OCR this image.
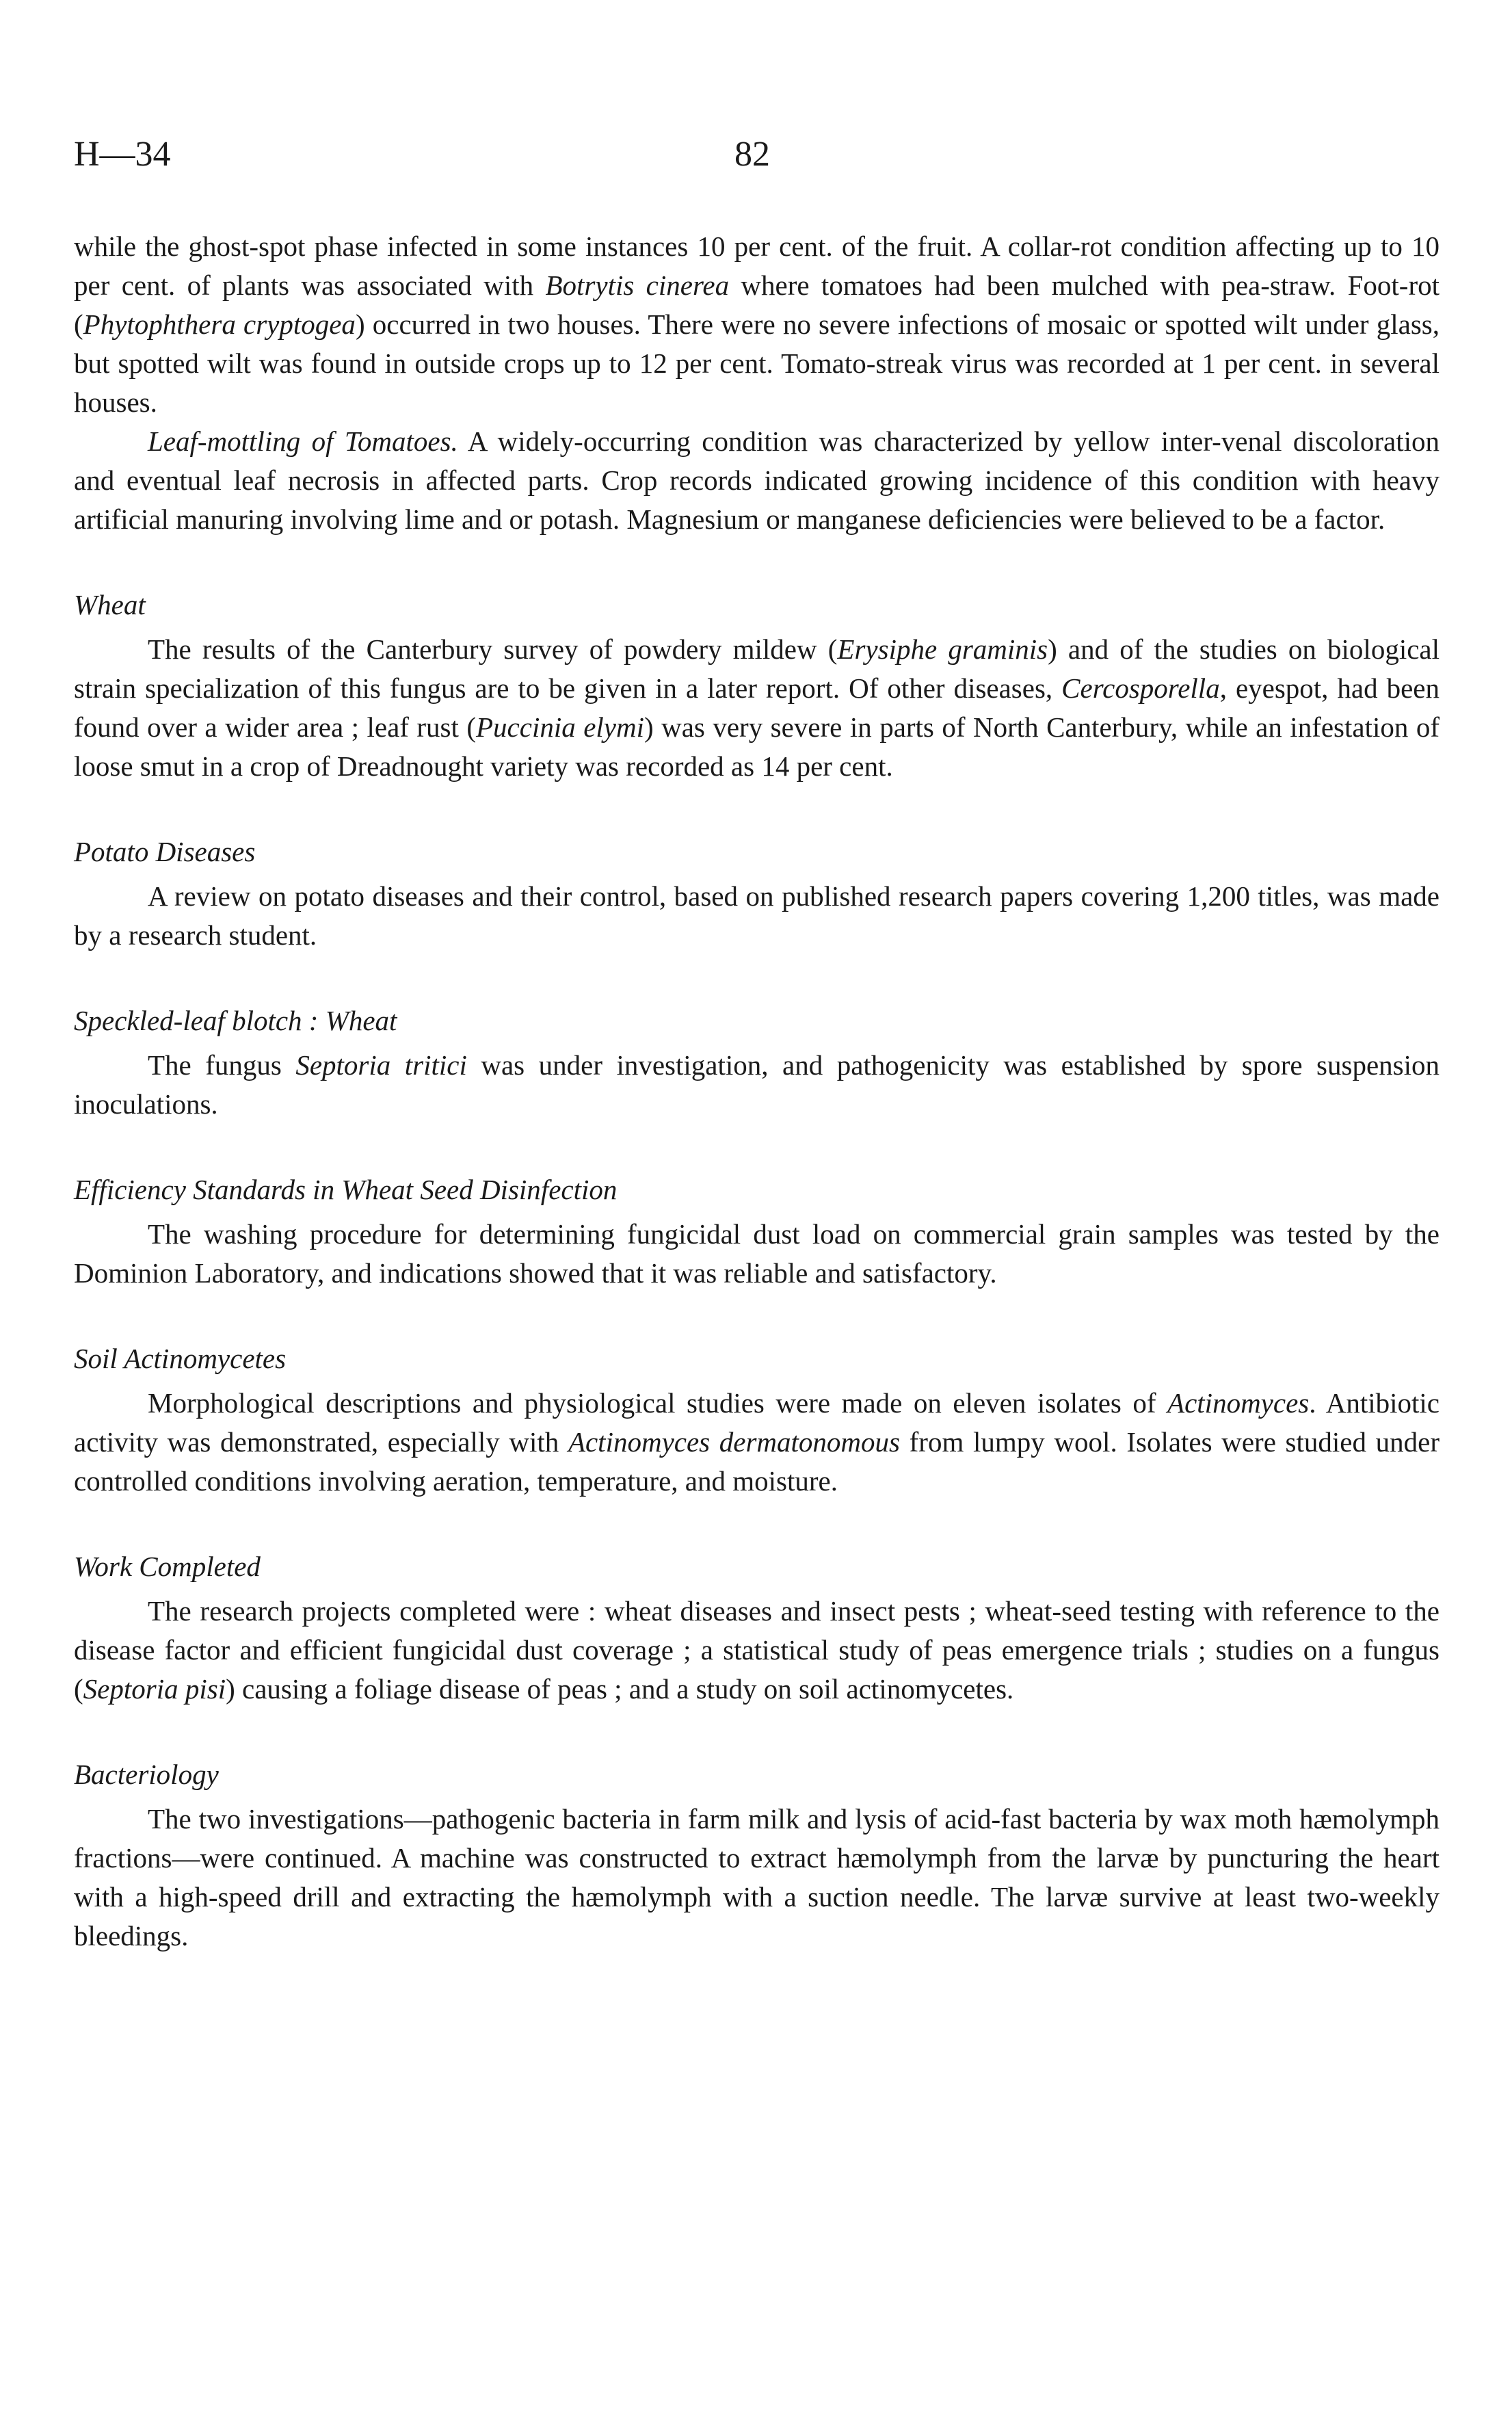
H—34	82

while the ghost-spot phase infected in some instances 10 per cent. of the fruit. A collar-rot condition affecting up to 10 per cent. of plants was associated with Botrytis cinerea where tomatoes had been mulched with pea-straw. Foot-rot (Phytophthera cryptogea) occurred in two houses. There were no severe infections of mosaic or spotted wilt under glass, but spotted wilt was found in outside crops up to 12 per cent. Tomato-streak virus was recorded at 1 per cent. in several houses.

Leaf-mottling of Tomatoes. A widely-occurring condition was characterized by yellow inter-venal discoloration and eventual leaf necrosis in affected parts. Crop records indicated growing incidence of this condition with heavy artificial manuring involving lime and or potash. Magnesium or manganese deficiencies were believed to be a factor.

Wheat

The results of the Canterbury survey of powdery mildew (Erysiphe graminis) and of the studies on biological strain specialization of this fungus are to be given in a later report. Of other diseases, Cercosporella, eyespot, had been found over a wider area ; leaf rust (Puccinia elymi) was very severe in parts of North Canterbury, while an infestation of loose smut in a crop of Dreadnought variety was recorded as 14 per cent.

Potato Diseases

A review on potato diseases and their control, based on published research papers covering 1,200 titles, was made by a research student.

Speckled-leaf blotch : Wheat

The fungus Septoria tritici was under investigation, and pathogenicity was established by spore suspension inoculations.

Efficiency Standards in Wheat Seed Disinfection

The washing procedure for determining fungicidal dust load on commercial grain samples was tested by the Dominion Laboratory, and indications showed that it was reliable and satisfactory.

Soil Actinomycetes

Morphological descriptions and physiological studies were made on eleven isolates of Actinomyces. Antibiotic activity was demonstrated, especially with Actinomyces dermatonomous from lumpy wool. Isolates were studied under controlled conditions involving aeration, temperature, and moisture.

Work Completed

The research projects completed were : wheat diseases and insect pests ; wheat-seed testing with reference to the disease factor and efficient fungicidal dust coverage ; a statistical study of peas emergence trials ; studies on a fungus (Septoria pisi) causing a foliage disease of peas ; and a study on soil actinomycetes.

Bacteriology

The two investigations—pathogenic bacteria in farm milk and lysis of acid-fast bacteria by wax moth hæmolymph fractions—were continued. A machine was constructed to extract hæmolymph from the larvæ by puncturing the heart with a high-speed drill and extracting the hæmolymph with a suction needle. The larvæ survive at least two-weekly bleedings.
